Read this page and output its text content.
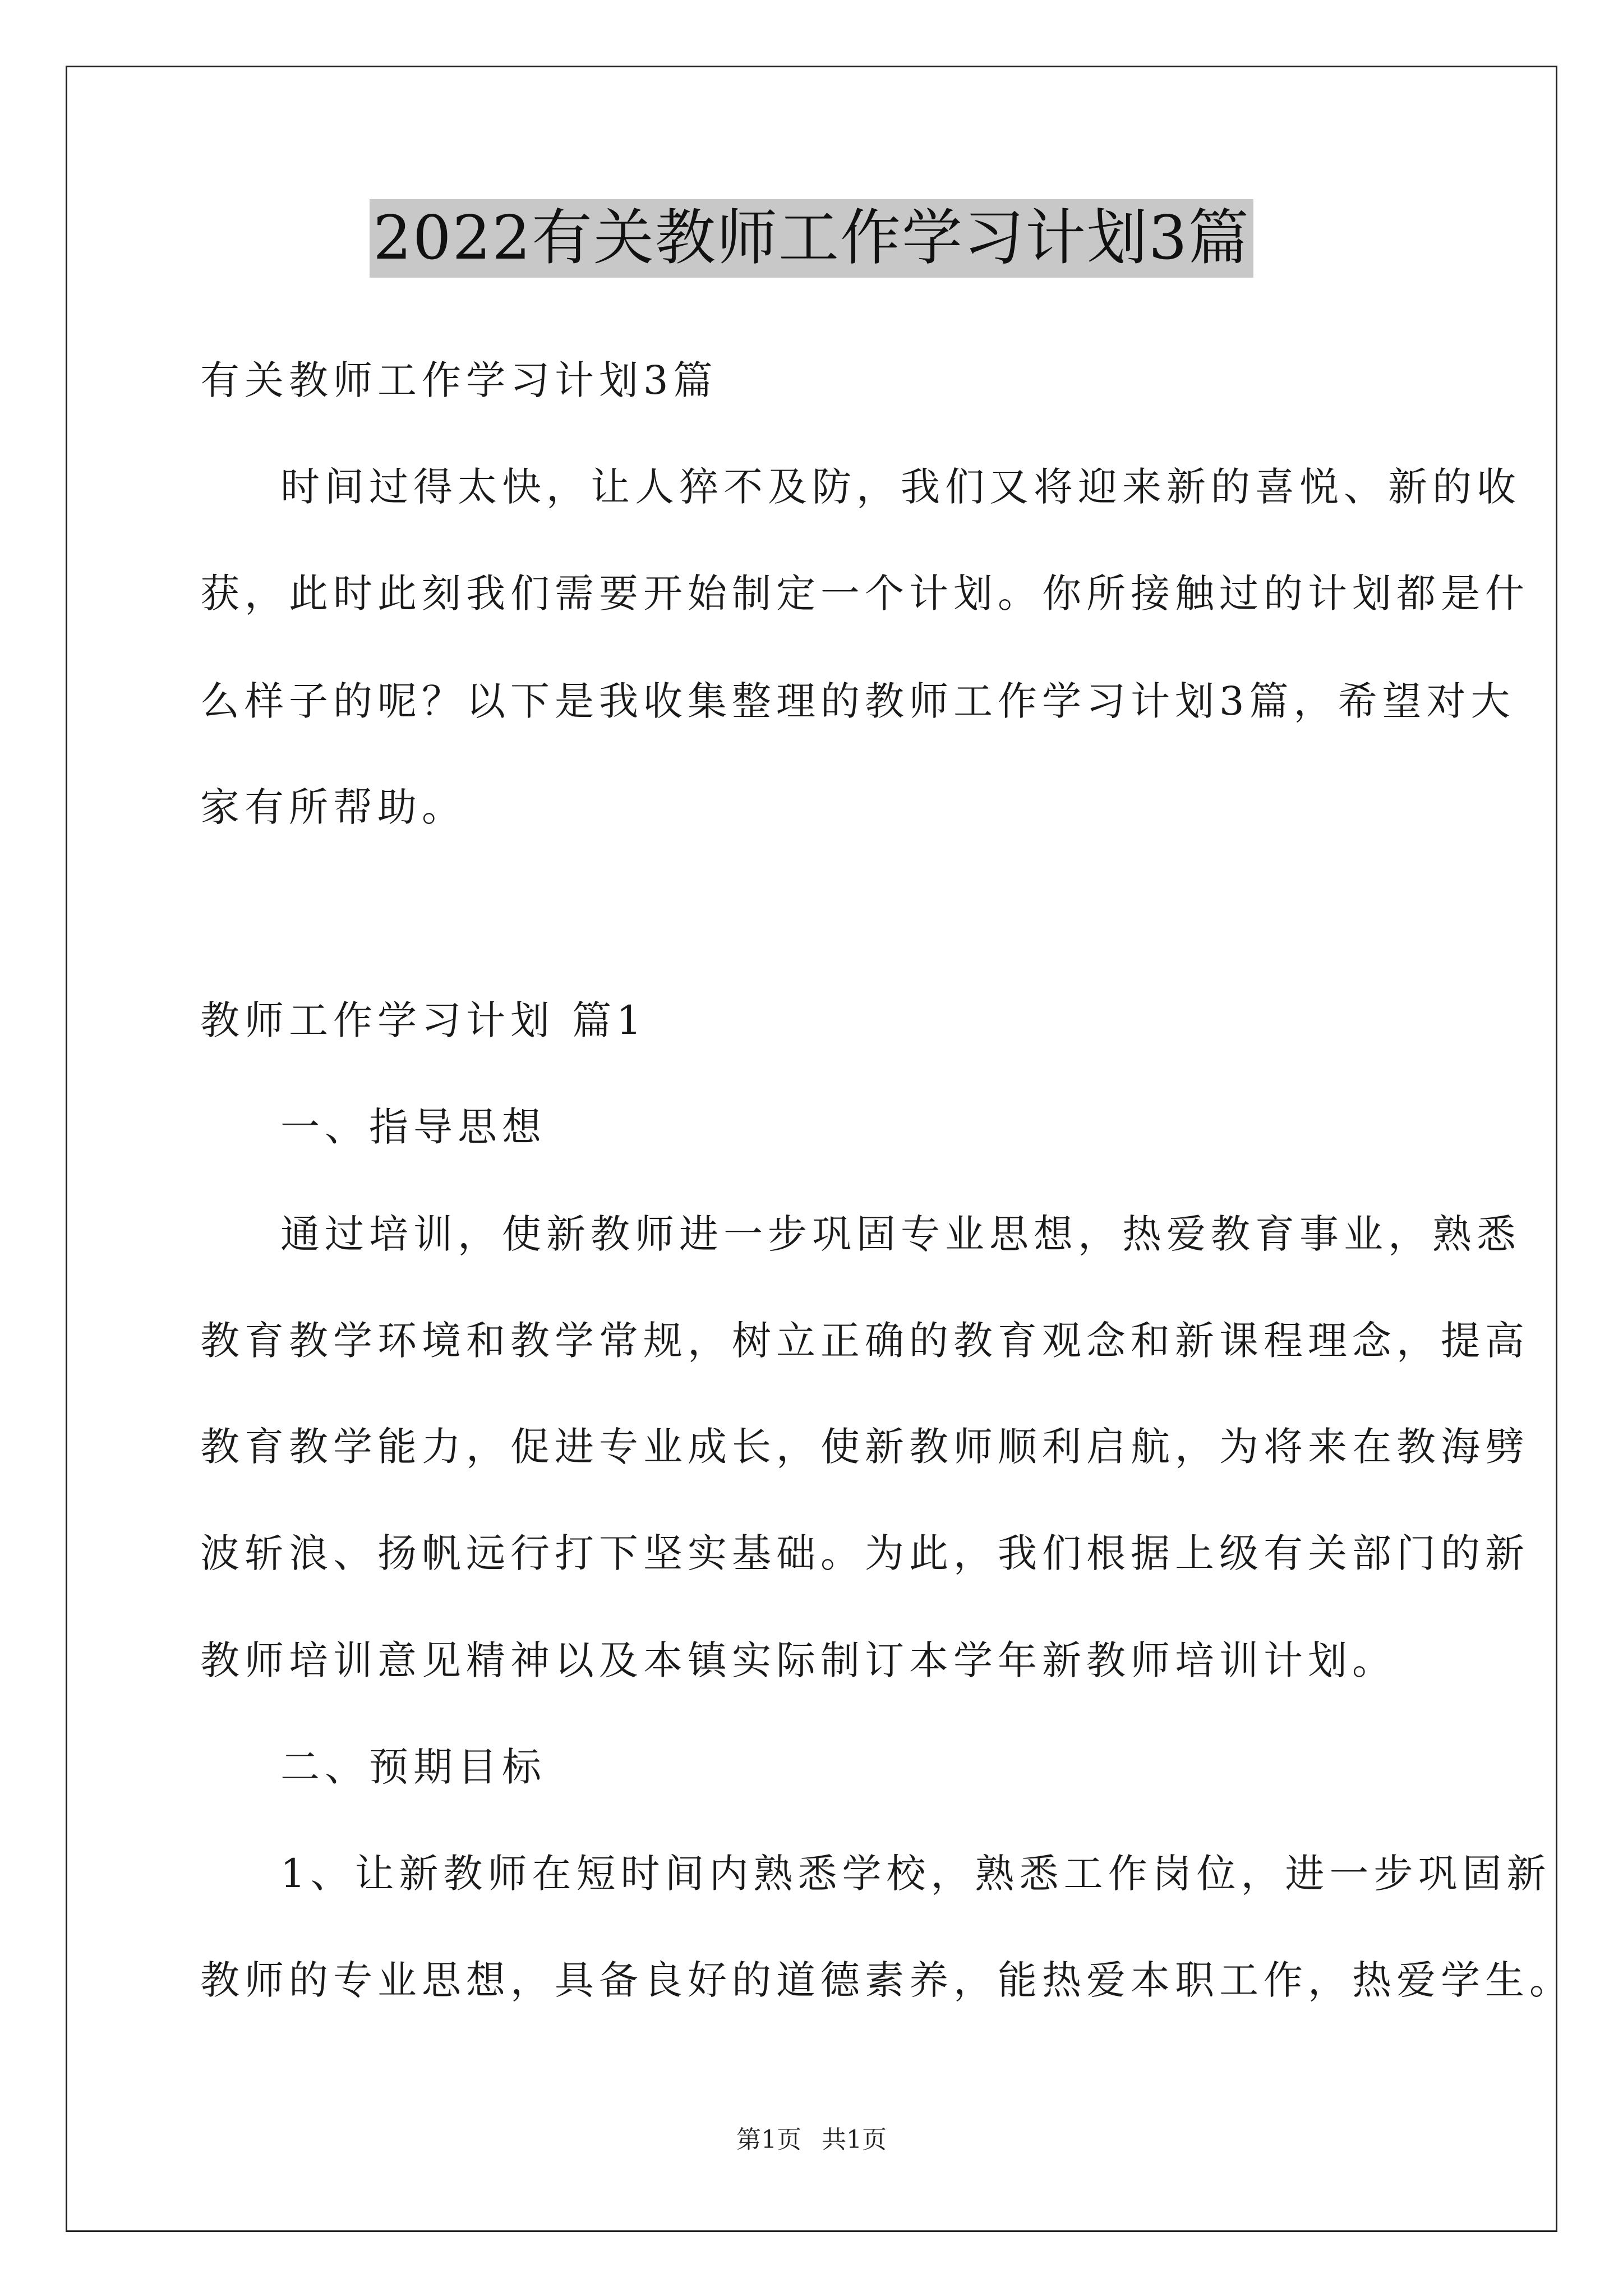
2022有关教师工作学习计划3篇
有关教师工作学习计划3篇
时间过得太快，让人猝不及防，我们又将迎来新的喜悦、新的收
获，此时此刻我们需要开始制定一个计划。你所接触过的计划都是什
么样子的呢？以下是我收集整理的教师工作学习计划3篇，希望对大
家有所帮助。
教师工作学习计划 篇1
一、指导思想
通过培训，使新教师进一步巩固专业思想，热爱教育事业，熟悉
教育教学环境和教学常规，树立正确的教育观念和新课程理念，提高
教育教学能力，促进专业成长，使新教师顺利启航，为将来在教海劈
波斩浪、扬帆远行打下坚实基础。为此，我们根据上级有关部门的新
教师培训意见精神以及本镇实际制订本学年新教师培训计划。
二、预期目标
1、让新教师在短时间内熟悉学校，熟悉工作岗位，进一步巩固新
教师的专业思想，具备良好的道德素养，能热爱本职工作，热爱学生。
第1页 共1页
